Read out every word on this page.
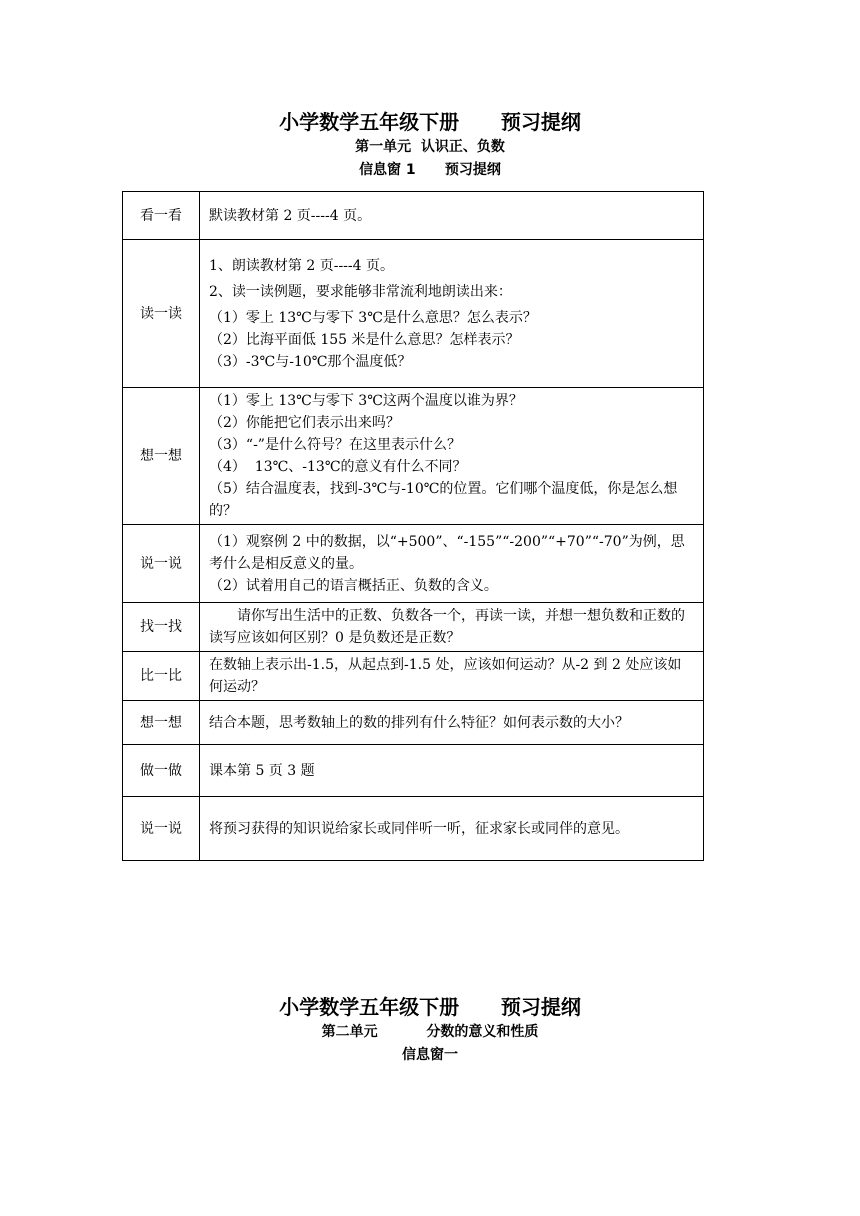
小学数学五年级下册      预习提纲
第一单元  认识正、负数
信息窗 1      预习提纲
看一看	默读教材第 2 页----4 页。

读一读	1、朗读教材第 2 页----4 页。

2、读一读例题，要求能够非常流利地朗读出来：

（1）零上 13℃与零下 3℃是什么意思？怎么表示？

（2）比海平面低 155 米是什么意思？怎样表示？

（3）-3℃与-10℃那个温度低？

想一想	（1）零上 13℃与零下 3℃这两个温度以谁为界？

（2）你能把它们表示出来吗？

（3）“-”是什么符号？在这里表示什么？

（4）  13℃、-13℃的意义有什么不同？

（5）结合温度表，找到-3℃与-10℃的位置。它们哪个温度低，你是怎么想的？

说一说	（1）观察例 2 中的数据，以“+500”、“-155”“-200”“+70”“-70”为例，思考什么是相反意义的量。

（2）试着用自己的语言概括正、负数的含义。

找一找	请你写出生活中的正数、负数各一个，再读一读，并想一想负数和正数的读写应该如何区别？0 是负数还是正数？

比一比	在数轴上表示出-1.5，从起点到-1.5 处，应该如何运动？从-2 到 2 处应该如何运动？

想一想	结合本题，思考数轴上的数的排列有什么特征？如何表示数的大小？

做一做	课本第 5 页 3 题

说一说	将预习获得的知识说给家长或同伴听一听，征求家长或同伴的意见。

小学数学五年级下册      预习提纲
第二单元          分数的意义和性质
信息窗一
